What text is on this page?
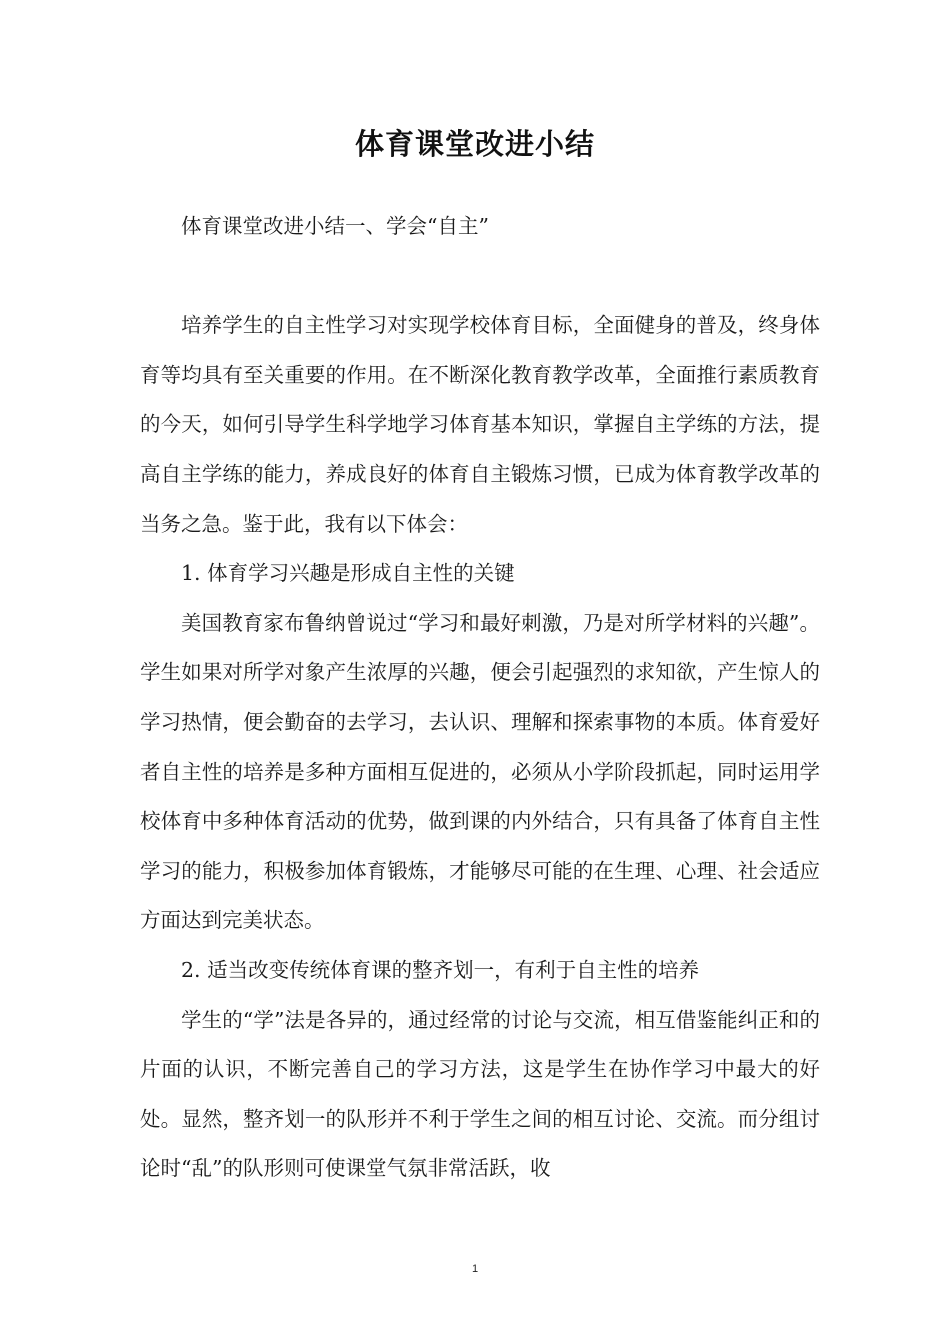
体育课堂改进小结

体育课堂改进小结一、学会“自主”

培养学生的自主性学习对实现学校体育目标，全面健身的普及，终身体育等均具有至关重要的作用。在不断深化教育教学改革，全面推行素质教育的今天，如何引导学生科学地学习体育基本知识，掌握自主学练的方法，提高自主学练的能力，养成良好的体育自主锻炼习惯，已成为体育教学改革的当务之急。鉴于此，我有以下体会：

1. 体育学习兴趣是形成自主性的关键

美国教育家布鲁纳曾说过“学习和最好刺激，乃是对所学材料的兴趣”。学生如果对所学对象产生浓厚的兴趣，便会引起强烈的求知欲，产生惊人的学习热情，便会勤奋的去学习，去认识、理解和探索事物的本质。体育爱好者自主性的培养是多种方面相互促进的，必须从小学阶段抓起，同时运用学校体育中多种体育活动的优势，做到课的内外结合，只有具备了体育自主性学习的能力，积极参加体育锻炼，才能够尽可能的在生理、心理、社会适应方面达到完美状态。

2. 适当改变传统体育课的整齐划一，有利于自主性的培养

学生的“学”法是各异的，通过经常的讨论与交流，相互借鉴能纠正和的片面的认识，不断完善自己的学习方法，这是学生在协作学习中最大的好处。显然，整齐划一的队形并不利于学生之间的相互讨论、交流。而分组讨论时“乱”的队形则可使课堂气氛非常活跃，收

1
